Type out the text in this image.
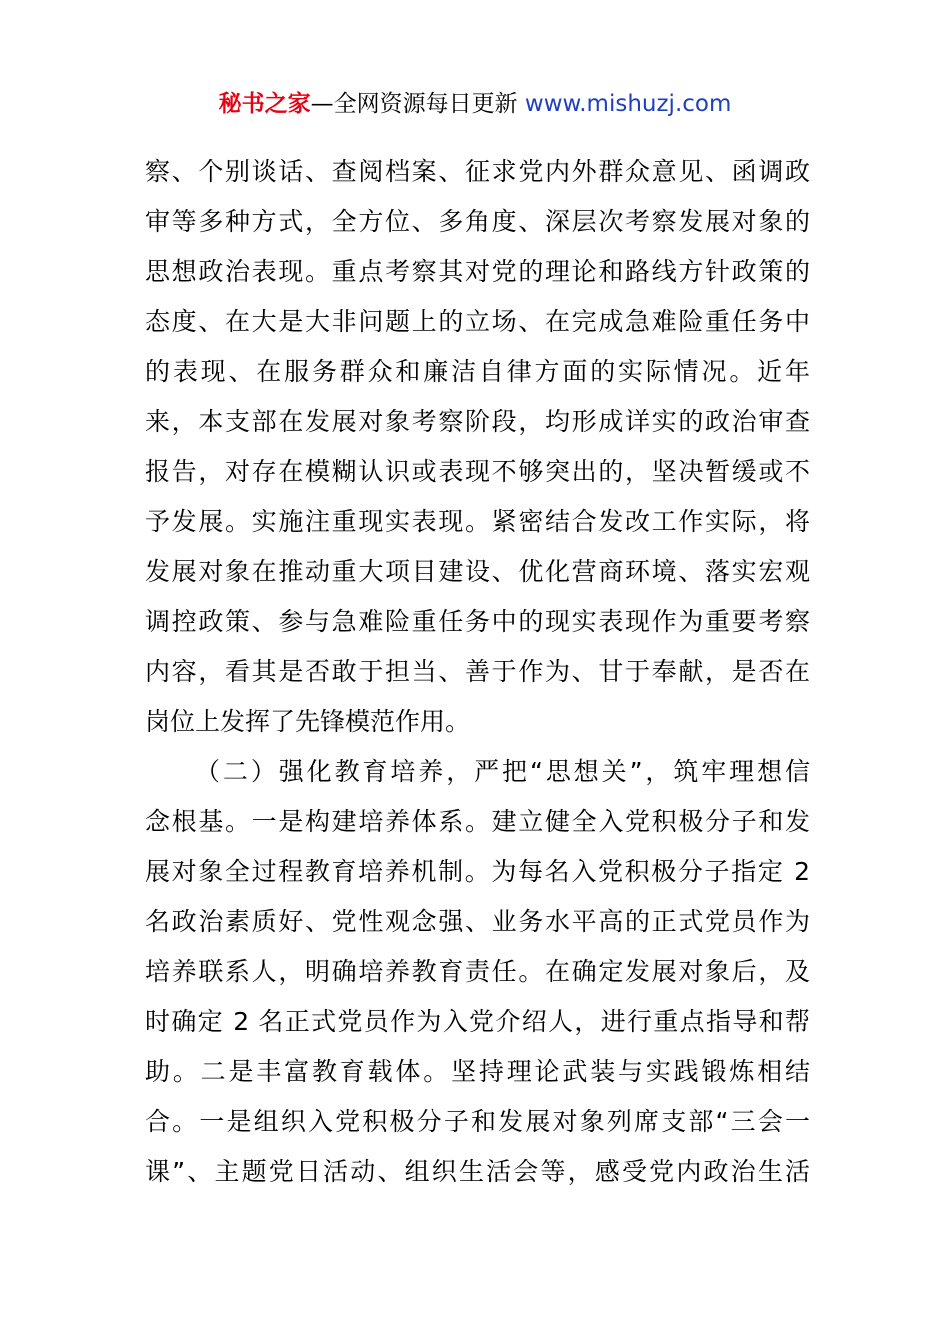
秘书之家—全网资源每日更新 www.mishuzj.com
察、个别谈话、查阅档案、征求党内外群众意见、函调政
审等多种方式，全方位、多角度、深层次考察发展对象的
思想政治表现。重点考察其对党的理论和路线方针政策的
态度、在大是大非问题上的立场、在完成急难险重任务中
的表现、在服务群众和廉洁自律方面的实际情况。近年
来，本支部在发展对象考察阶段，均形成详实的政治审查
报告，对存在模糊认识或表现不够突出的，坚决暂缓或不
予发展。实施注重现实表现。紧密结合发改工作实际，将
发展对象在推动重大项目建设、优化营商环境、落实宏观
调控政策、参与急难险重任务中的现实表现作为重要考察
内容，看其是否敢于担当、善于作为、甘于奉献，是否在
岗位上发挥了先锋模范作用。
（二）强化教育培养，严把“思想关”，筑牢理想信
念根基。一是构建培养体系。建立健全入党积极分子和发
展对象全过程教育培养机制。为每名入党积极分子指定 2
名政治素质好、党性观念强、业务水平高的正式党员作为
培养联系人，明确培养教育责任。在确定发展对象后，及
时确定 2 名正式党员作为入党介绍人，进行重点指导和帮
助。二是丰富教育载体。坚持理论武装与实践锻炼相结
合。一是组织入党积极分子和发展对象列席支部“三会一
课”、主题党日活动、组织生活会等，感受党内政治生活
